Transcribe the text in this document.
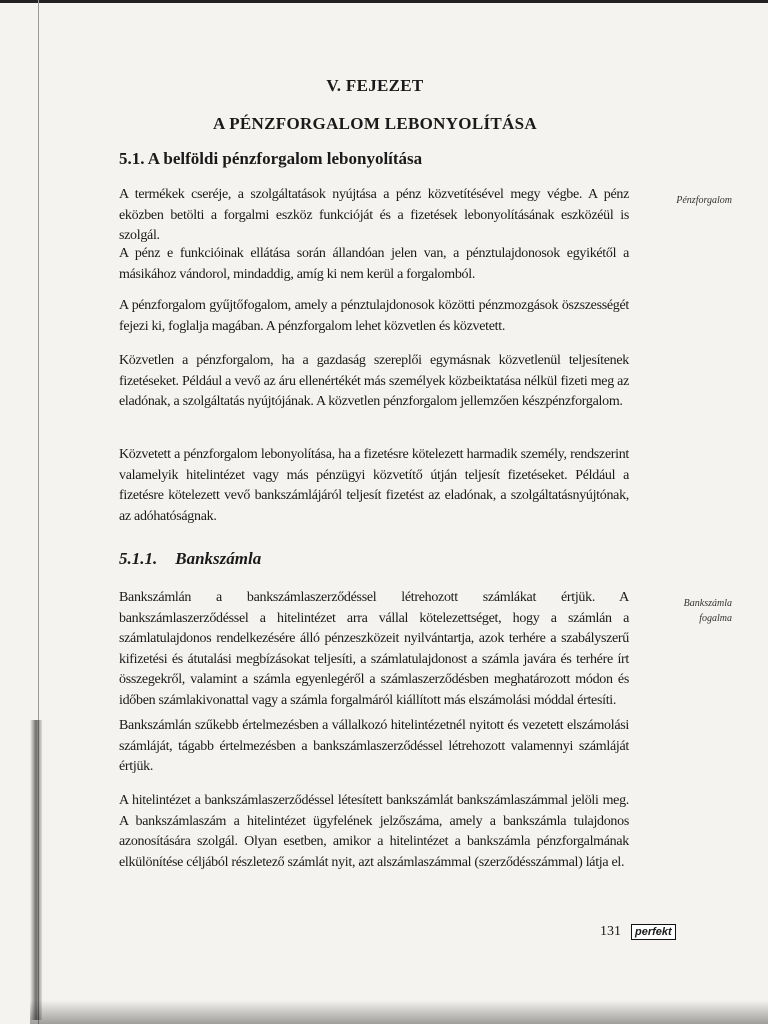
V. FEJEZET
A PÉNZFORGALOM LEBONYOLÍTÁSA
5.1. A belföldi pénzforgalom lebonyolítása

A termékek cseréje, a szolgáltatások nyújtása a pénz közvetítésével megy végbe. A pénz eközben betölti a forgalmi eszköz funkcióját és a fizetések lebonyolításának eszközéül is szolgál.

A pénz e funkcióinak ellátása során állandóan jelen van, a pénztulajdonosok egyikétől a másikához vándorol, mindaddig, amíg ki nem kerül a forgalomból.

A pénzforgalom gyűjtőfogalom, amely a pénztulajdonosok közötti pénzmozgások öszszességét fejezi ki, foglalja magában. A pénzforgalom lehet közvetlen és közvetett.

Közvetlen a pénzforgalom, ha a gazdaság szereplői egymásnak közvetlenül teljesítenek fizetéseket. Például a vevő az áru ellenértékét más személyek közbeiktatása nélkül fizeti meg az eladónak, a szolgáltatás nyújtójának. A közvetlen pénzforgalom jellemzően készpénzforgalom.

Közvetett a pénzforgalom lebonyolítása, ha a fizetésre kötelezett harmadik személy, rendszerint valamelyik hitelintézet vagy más pénzügyi közvetítő útján teljesít fizetéseket. Például a fizetésre kötelezett vevő bankszámlájáról teljesít fizetést az eladónak, a szolgáltatásnyújtónak, az adóhatóságnak.

5.1.1. Bankszámla

Bankszámlán a bankszámlaszerződéssel létrehozott számlákat értjük. A bankszámlaszerződéssel a hitelintézet arra vállal kötelezettséget, hogy a számlán a számlatulajdonos rendelkezésére álló pénzeszközeit nyilvántartja, azok terhére a szabályszerű kifizetési és átutalási megbízásokat teljesíti, a számlatulajdonost a számla javára és terhére írt összegekről, valamint a számla egyenlegéről a számlaszerződésben meghatározott módon és időben számlakivonattal vagy a számla forgalmáról kiállított más elszámolási móddal értesíti.

Bankszámlán szűkebb értelmezésben a vállalkozó hitelintézetnél nyitott és vezetett elszámolási számláját, tágabb értelmezésben a bankszámlaszerződéssel létrehozott valamennyi számláját értjük.

A hitelintézet a bankszámlaszerződéssel létesített bankszámlát bankszámlaszámmal jelöli meg. A bankszámlaszám a hitelintézet ügyfelének jelzőszáma, amely a bankszámla tulajdonos azonosítására szolgál. Olyan esetben, amikor a hitelintézet a bankszámla pénzforgalmának elkülönítése céljából részletező számlát nyit, azt alszámlaszámmal (szerződésszámmal) látja el.

Pénzforgalom
Bankszámla
fogalma
131	perfekt
